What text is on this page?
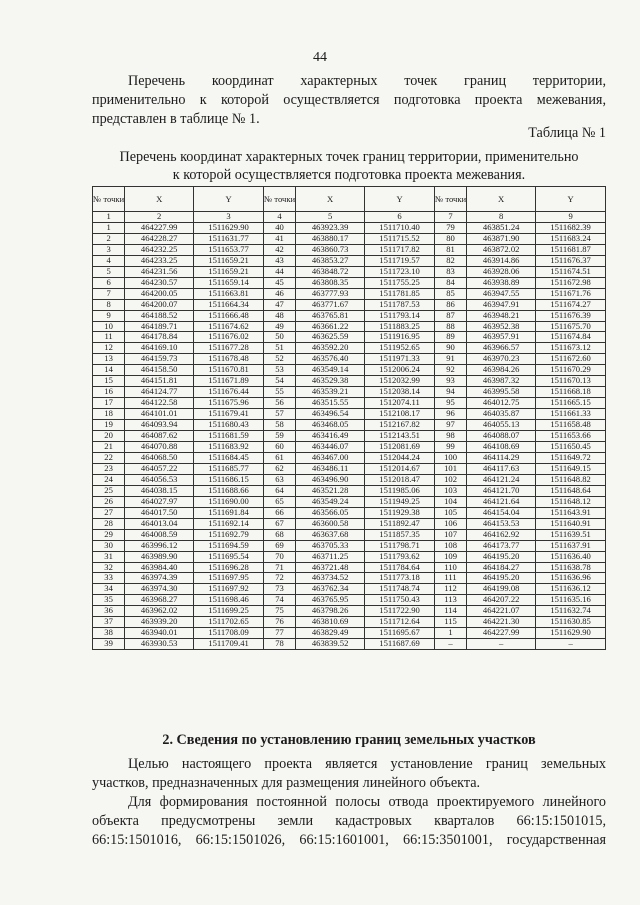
44

Перечень координат характерных точек границ территории,

применительно к которой осуществляется подготовка проекта межевания,

представлен в таблице № 1.

Таблица № 1
Перечень координат характерных точек границ территории, применительно
к которой осуществляется подготовка проекта межевания.
№ точки	X	Y	№ точки	X	Y	№ точки	X	Y
1	2	3	4	5	6	7	8	9
1	464227.99	1511629.90	40	463923.39	1511710.40	79	463851.24	1511682.39
2	464228.27	1511631.77	41	463880.17	1511715.52	80	463871.90	1511683.24
3	464232.25	1511653.77	42	463860.73	1511717.82	81	463872.02	1511681.87
4	464233.25	1511659.21	43	463853.27	1511719.57	82	463914.86	1511676.37
5	464231.56	1511659.21	44	463848.72	1511723.10	83	463928.06	1511674.51
6	464230.57	1511659.14	45	463808.35	1511755.25	84	463938.89	1511672.98
7	464200.05	1511663.81	46	463777.93	1511781.85	85	463947.55	1511671.76
8	464200.07	1511664.34	47	463771.67	1511787.53	86	463947.91	1511674.27
9	464188.52	1511666.48	48	463765.81	1511793.14	87	463948.21	1511676.39
10	464189.71	1511674.62	49	463661.22	1511883.25	88	463952.38	1511675.70
11	464178.84	1511676.02	50	463625.59	1511916.95	89	463957.91	1511674.84
12	464169.10	1511677.28	51	463592.20	1511952.65	90	463966.57	1511673.12
13	464159.73	1511678.48	52	463576.40	1511971.33	91	463970.23	1511672.60
14	464158.50	1511670.81	53	463549.14	1512006.24	92	463984.26	1511670.29
15	464151.81	1511671.89	54	463529.38	1512032.99	93	463987.32	1511670.13
16	464124.77	1511676.44	55	463539.21	1512038.14	94	463995.58	1511668.18
17	464122.58	1511675.96	56	463515.55	1512074.11	95	464012.75	1511665.15
18	464101.01	1511679.41	57	463496.54	1512108.17	96	464035.87	1511661.33
19	464093.94	1511680.43	58	463468.05	1512167.82	97	464055.13	1511658.48
20	464087.62	1511681.59	59	463416.49	1512143.51	98	464088.07	1511653.66
21	464070.88	1511683.92	60	463446.07	1512081.69	99	464108.69	1511650.45
22	464068.50	1511684.45	61	463467.00	1512044.24	100	464114.29	1511649.72
23	464057.22	1511685.77	62	463486.11	1512014.67	101	464117.63	1511649.15
24	464056.53	1511686.15	63	463496.90	1512018.47	102	464121.24	1511648.82
25	464038.15	1511688.66	64	463521.28	1511985.06	103	464121.70	1511648.64
26	464027.97	1511690.00	65	463549.24	1511949.25	104	464121.64	1511648.12
27	464017.50	1511691.84	66	463566.05	1511929.38	105	464154.04	1511643.91
28	464013.04	1511692.14	67	463600.58	1511892.47	106	464153.53	1511640.91
29	464008.59	1511692.79	68	463637.68	1511857.35	107	464162.92	1511639.51
30	463996.12	1511694.59	69	463705.33	1511798.71	108	464173.77	1511637.91
31	463989.90	1511695.54	70	463711.25	1511793.62	109	464195.20	1511636.40
32	463984.40	1511696.28	71	463721.48	1511784.64	110	464184.27	1511638.78
33	463974.39	1511697.95	72	463734.52	1511773.18	111	464195.20	1511636.96
34	463974.30	1511697.92	73	463762.34	1511748.74	112	464199.08	1511636.12
35	463968.27	1511698.46	74	463765.95	1511750.43	113	464207.22	1511635.16
36	463962.02	1511699.25	75	463798.26	1511722.90	114	464221.07	1511632.74
37	463939.20	1511702.65	76	463810.69	1511712.64	115	464221.30	1511630.85
38	463940.01	1511708.09	77	463829.49	1511695.67	1	464227.99	1511629.90
39	463930.53	1511709.41	78	463839.52	1511687.69	–	–	–
2. Сведения по установлению границ земельных участков

Целью настоящего проекта является установление границ земельных

участков, предназначенных для размещения линейного объекта.

Для формирования постоянной полосы отвода проектируемого линейного

объекта предусмотрены земли кадастровых кварталов 66:15:1501015,

66:15:1501016, 66:15:1501026, 66:15:1601001, 66:15:3501001, государственная
